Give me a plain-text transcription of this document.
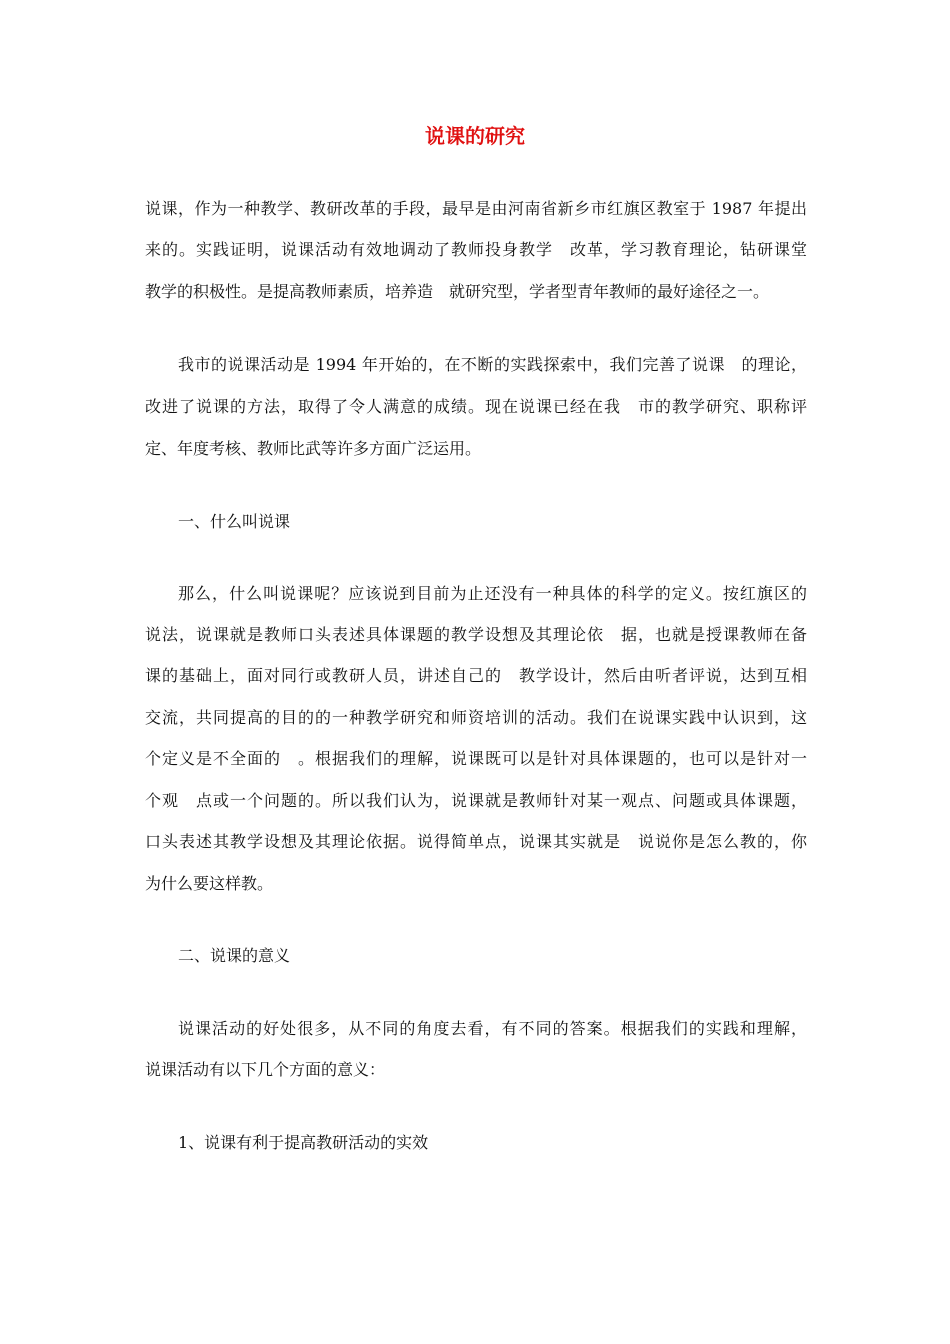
说课的研究
说课，作为一种教学、教研改革的手段，最早是由河南省新乡市红旗区教室于 1987 年提出
来的。实践证明，说课活动有效地调动了教师投身教学　改革，学习教育理论，钻研课堂
教学的积极性。是提高教师素质，培养造　就研究型，学者型青年教师的最好途径之一。
我市的说课活动是 1994 年开始的，在不断的实践探索中，我们完善了说课　的理论，
改进了说课的方法，取得了令人满意的成绩。现在说课已经在我　市的教学研究、职称评
定、年度考核、教师比武等许多方面广泛运用。
一、什么叫说课
那么，什么叫说课呢？应该说到目前为止还没有一种具体的科学的定义。按红旗区的
说法，说课就是教师口头表述具体课题的教学设想及其理论依　据，也就是授课教师在备
课的基础上，面对同行或教研人员，讲述自己的　教学设计，然后由听者评说，达到互相
交流，共同提高的目的的一种教学研究和师资培训的活动。我们在说课实践中认识到，这
个定义是不全面的　。根据我们的理解，说课既可以是针对具体课题的，也可以是针对一
个观　点或一个问题的。所以我们认为，说课就是教师针对某一观点、问题或具体课题，
口头表述其教学设想及其理论依据。说得简单点，说课其实就是　说说你是怎么教的，你
为什么要这样教。
二、说课的意义
说课活动的好处很多，从不同的角度去看，有不同的答案。根据我们的实践和理解，
说课活动有以下几个方面的意义：
1、说课有利于提高教研活动的实效
